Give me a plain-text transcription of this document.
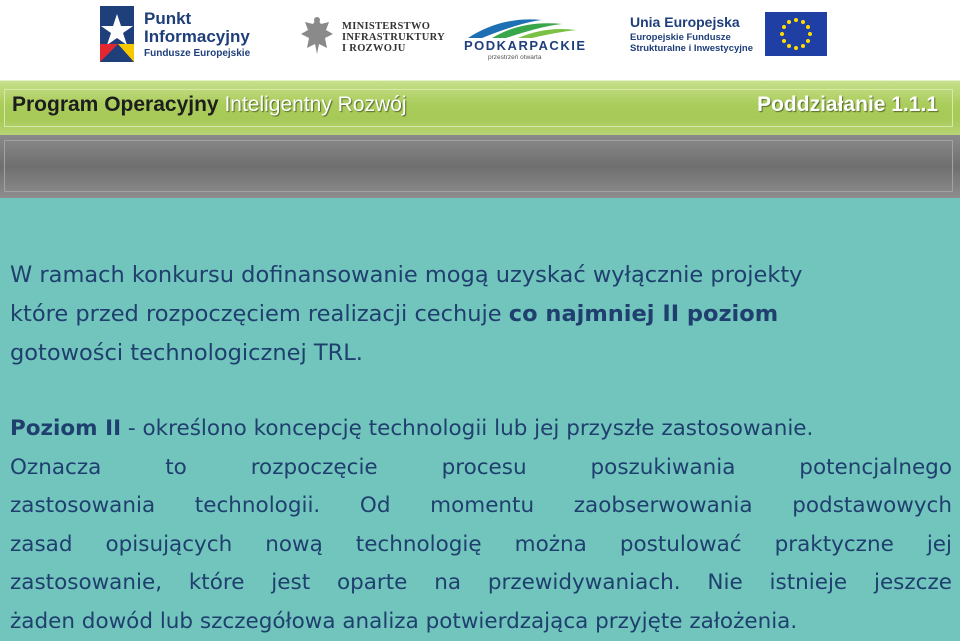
Punkt
Informacyjny
Fundusze Europejskie
MINISTERSTWO
INFRASTRUKTURY
I ROZWOJU	PODKARPACKIE
przestrzeń otwarta
Unia Europejska
Europejskie Fundusze
Strukturalne i Inwestycyjne
Program Operacyjny Inteligentny Rozwój	Poddziałanie 1.1.1
W ramach konkursu dofinansowanie mogą uzyskać wyłącznie projekty
które przed rozpoczęciem realizacji cechuje co najmniej II poziom
gotowości technologicznej TRL.
Poziom II - określono koncepcję technologii lub jej przyszłe zastosowanie.
Oznacza to rozpoczęcie procesu poszukiwania potencjalnego
zastosowania technologii. Od momentu zaobserwowania podstawowych
zasad opisujących nową technologię można postulować praktyczne jej
zastosowanie, które jest oparte na przewidywaniach. Nie istnieje jeszcze
żaden dowód lub szczegółowa analiza potwierdzająca przyjęte założenia.
